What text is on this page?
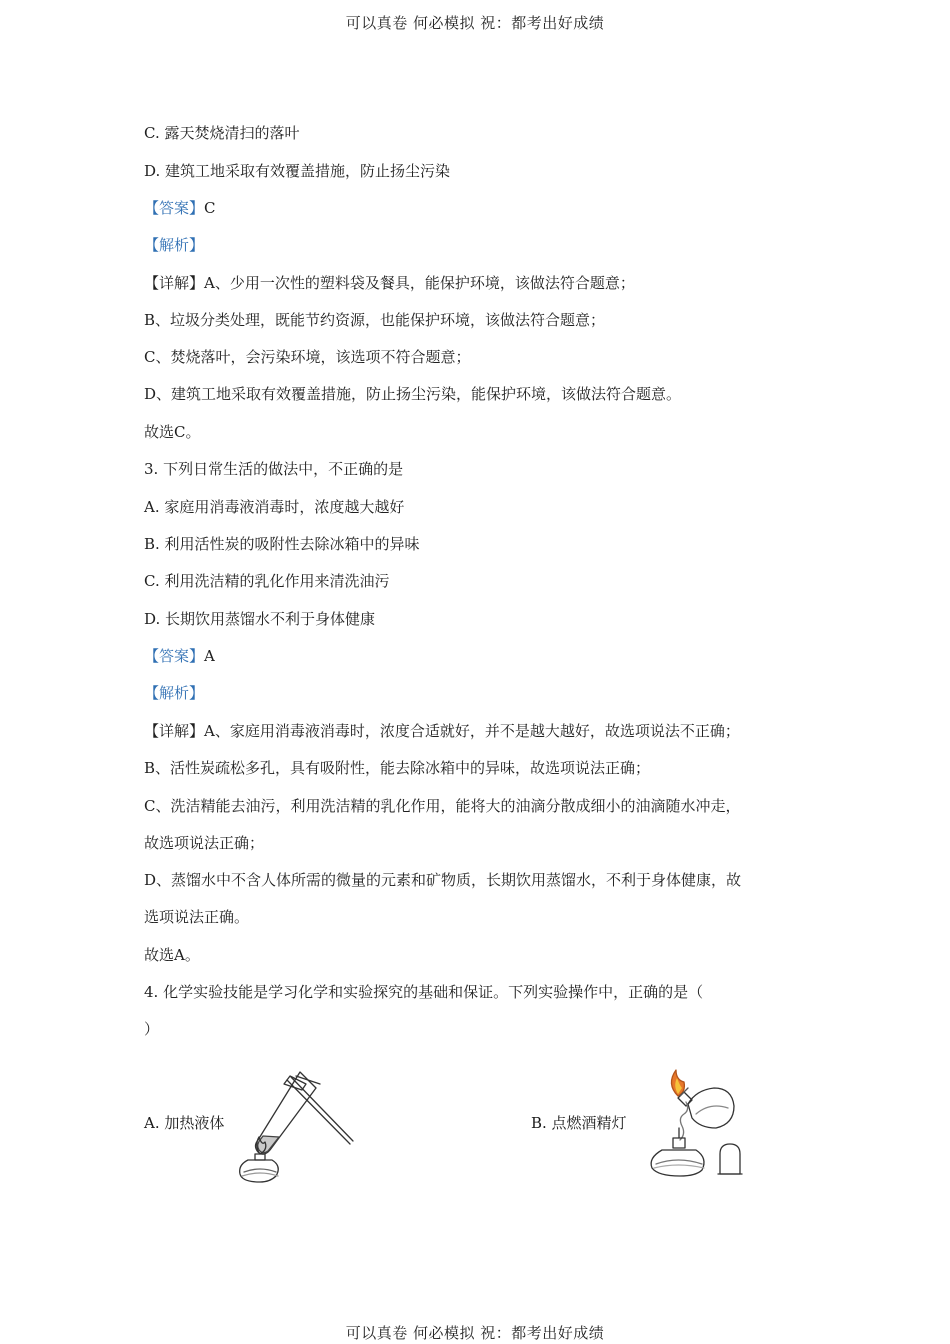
可以真卷 何必模拟 祝：都考出好成绩
C. 露天焚烧清扫的落叶
D. 建筑工地采取有效覆盖措施，防止扬尘污染
【答案】C
【解析】
【详解】A、少用一次性的塑料袋及餐具，能保护环境，该做法符合题意；
B、垃圾分类处理，既能节约资源，也能保护环境，该做法符合题意；
C、焚烧落叶，会污染环境，该选项不符合题意；
D、建筑工地采取有效覆盖措施，防止扬尘污染，能保护环境，该做法符合题意。
故选C。
3. 下列日常生活的做法中，不正确的是
A. 家庭用消毒液消毒时，浓度越大越好
B. 利用活性炭的吸附性去除冰箱中的异味
C. 利用洗洁精的乳化作用来清洗油污
D. 长期饮用蒸馏水不利于身体健康
【答案】A
【解析】
【详解】A、家庭用消毒液消毒时，浓度合适就好，并不是越大越好，故选项说法不正确；
B、活性炭疏松多孔，具有吸附性，能去除冰箱中的异味，故选项说法正确；
C、洗洁精能去油污，利用洗洁精的乳化作用，能将大的油滴分散成细小的油滴随水冲走，
故选项说法正确；
D、蒸馏水中不含人体所需的微量的元素和矿物质，长期饮用蒸馏水，不利于身体健康，故
选项说法正确。
故选A。
4. 化学实验技能是学习化学和实验探究的基础和保证。下列实验操作中，正确的是（
）
A. 加热液体	B. 点燃酒精灯
可以真卷 何必模拟 祝：都考出好成绩
